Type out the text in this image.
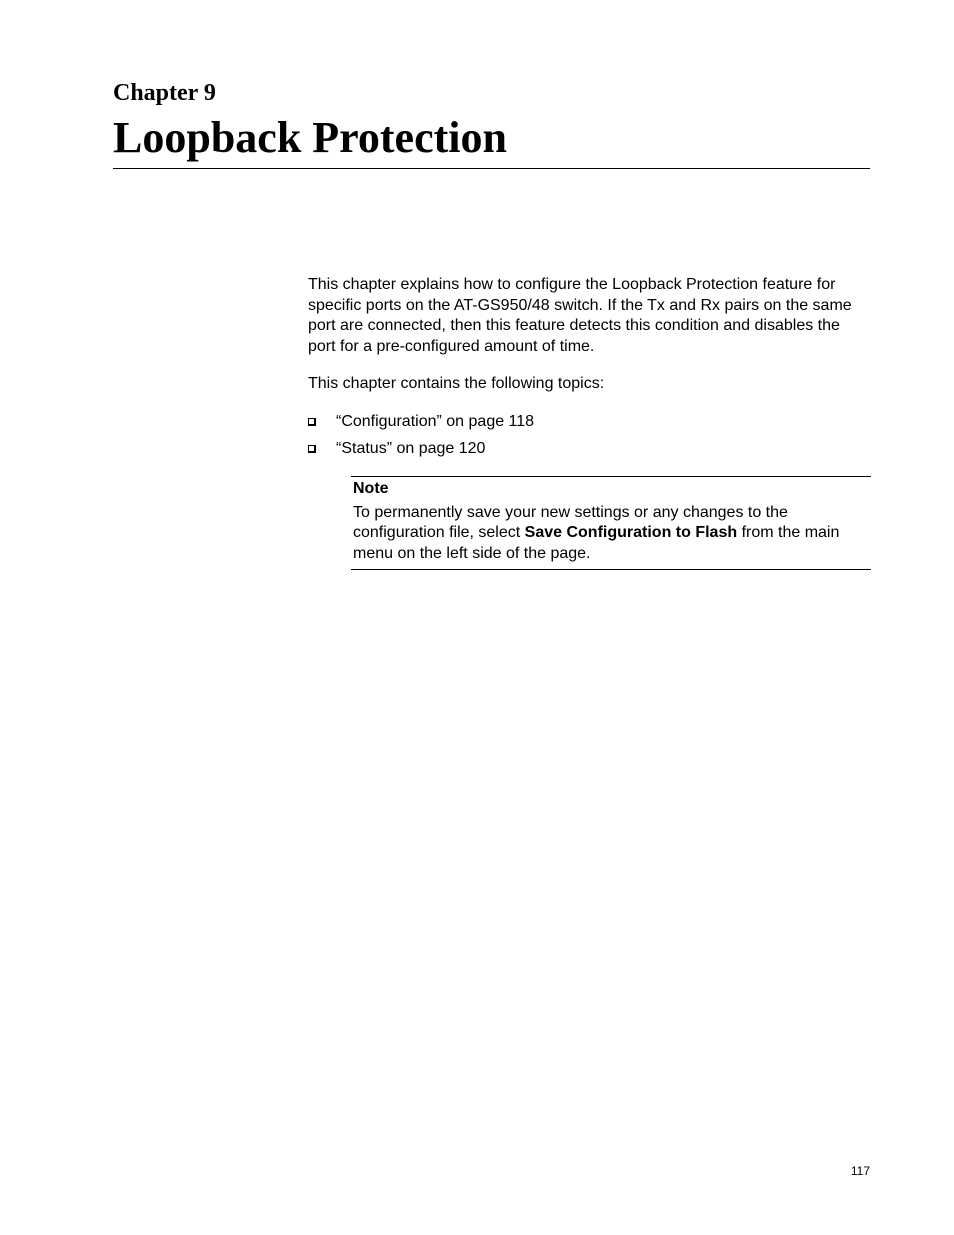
Chapter 9
Loopback Protection

This chapter explains how to configure the Loopback Protection feature for specific ports on the AT-GS950/48 switch. If the Tx and Rx pairs on the same port are connected, then this feature detects this condition and disables the port for a pre-configured amount of time.

This chapter contains the following topics:

“Configuration” on page 118
“Status” on page 120

Note

To permanently save your new settings or any changes to the configuration file, select Save Configuration to Flash from the main menu on the left side of the page.

117
